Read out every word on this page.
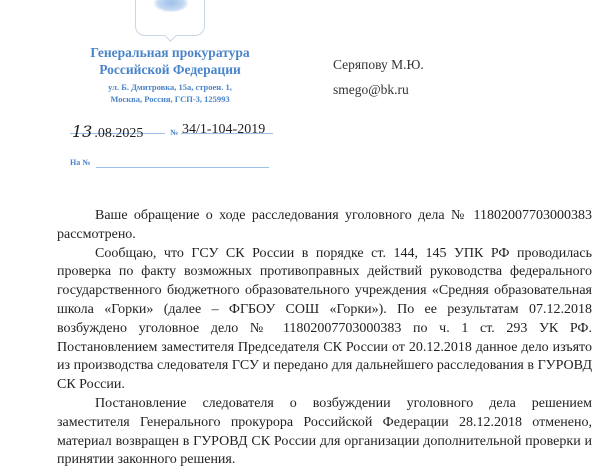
Генеральная прокуратура
Российской Федерации
ул. Б. Дмитровка, 15а, строен. 1,
Москва, Россия, ГСП-3, 125993
Серяпову М.Ю.
smego@bk.ru
13 .08.2025	№ 34/1-104-2019
На №

Ваше обращение о ходе расследования уголовного дела № 11802007703000383 рассмотрено.

Сообщаю, что ГСУ СК России в порядке ст. 144, 145 УПК РФ проводилась проверка по факту возможных противоправных действий руководства федерального государственного бюджетного образовательного учреждения «Средняя образовательная школа «Горки» (далее – ФГБОУ СОШ «Горки»). По ее результатам 07.12.2018 возбуждено уголовное дело № 11802007703000383 по ч. 1 ст. 293 УК РФ. Постановлением заместителя Председателя СК России от 20.12.2018 данное дело изъято из производства следователя ГСУ и передано для дальнейшего расследования в ГУРОВД СК России.

Постановление следователя о возбуждении уголовного дела решением заместителя Генерального прокурора Российской Федерации 28.12.2018 отменено, материал возвращен в ГУРОВД СК России для организации дополнительной проверки и принятии законного решения.
